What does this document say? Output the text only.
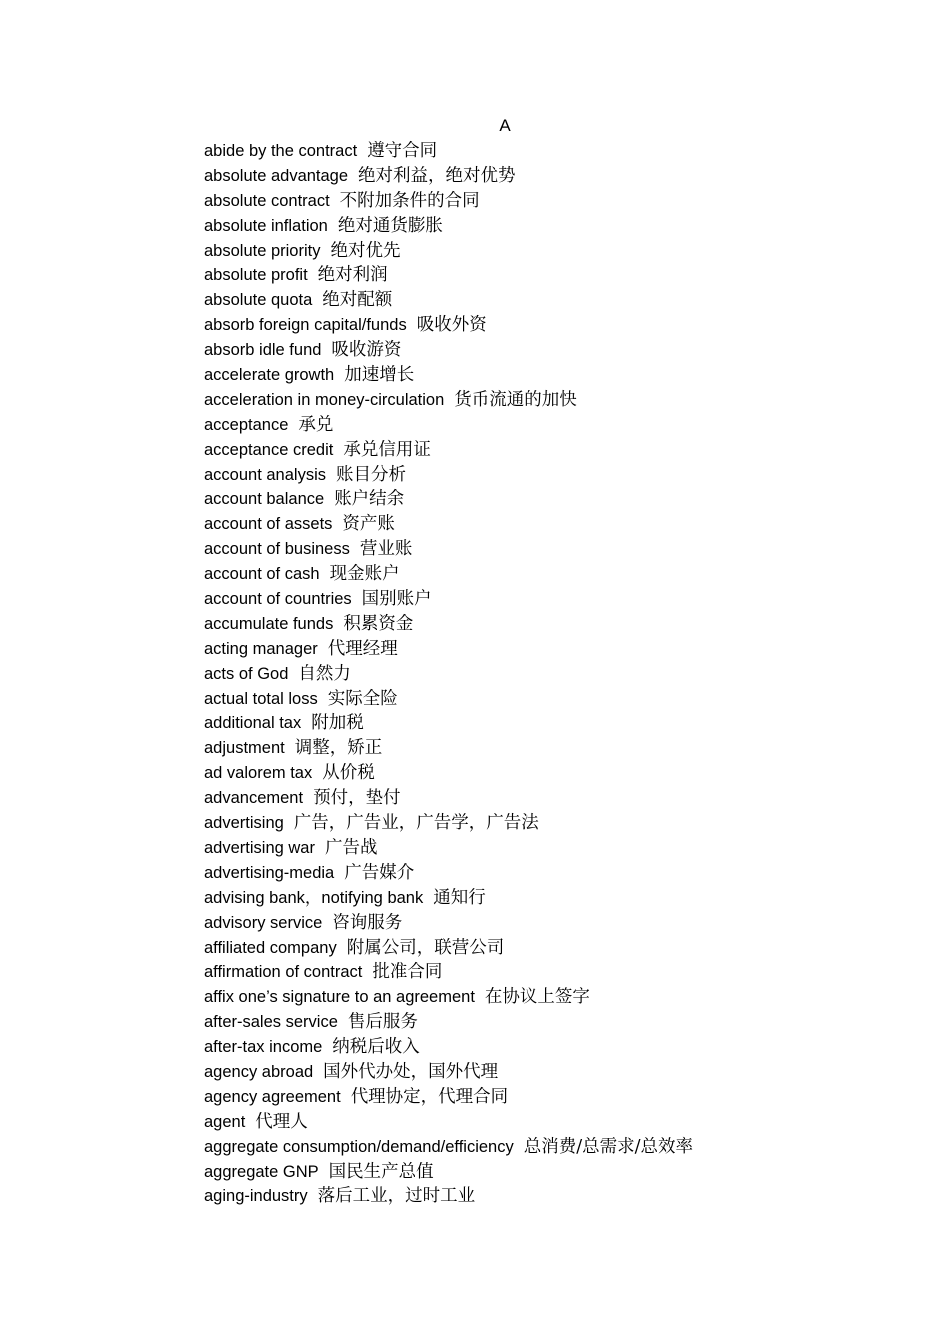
A
abide by the contract 遵守合同
absolute advantage 绝对利益，绝对优势
absolute contract 不附加条件的合同
absolute inflation 绝对通货膨胀
absolute priority 绝对优先
absolute profit 绝对利润
absolute quota 绝对配额
absorb foreign capital/funds 吸收外资
absorb idle fund 吸收游资
accelerate growth 加速增长
acceleration in money-circulation 货币流通的加快
acceptance 承兑
acceptance credit 承兑信用证
account analysis 账目分析
account balance 账户结余
account of assets 资产账
account of business 营业账
account of cash 现金账户
account of countries 国别账户
accumulate funds 积累资金
acting manager 代理经理
acts of God 自然力
actual total loss 实际全险
additional tax 附加税
adjustment 调整，矫正
ad valorem tax 从价税
advancement 预付，垫付
advertising 广告，广告业，广告学，广告法
advertising war 广告战
advertising-media 广告媒介
advising bank，notifying bank 通知行
advisory service 咨询服务
affiliated company 附属公司，联营公司
affirmation of contract 批准合同
affix one’s signature to an agreement 在协议上签字
after-sales service 售后服务
after-tax income 纳税后收入
agency abroad 国外代办处，国外代理
agency agreement 代理协定，代理合同
agent 代理人
aggregate consumption/demand/efficiency 总消费/总需求/总效率
aggregate GNP 国民生产总值
aging-industry 落后工业，过时工业
